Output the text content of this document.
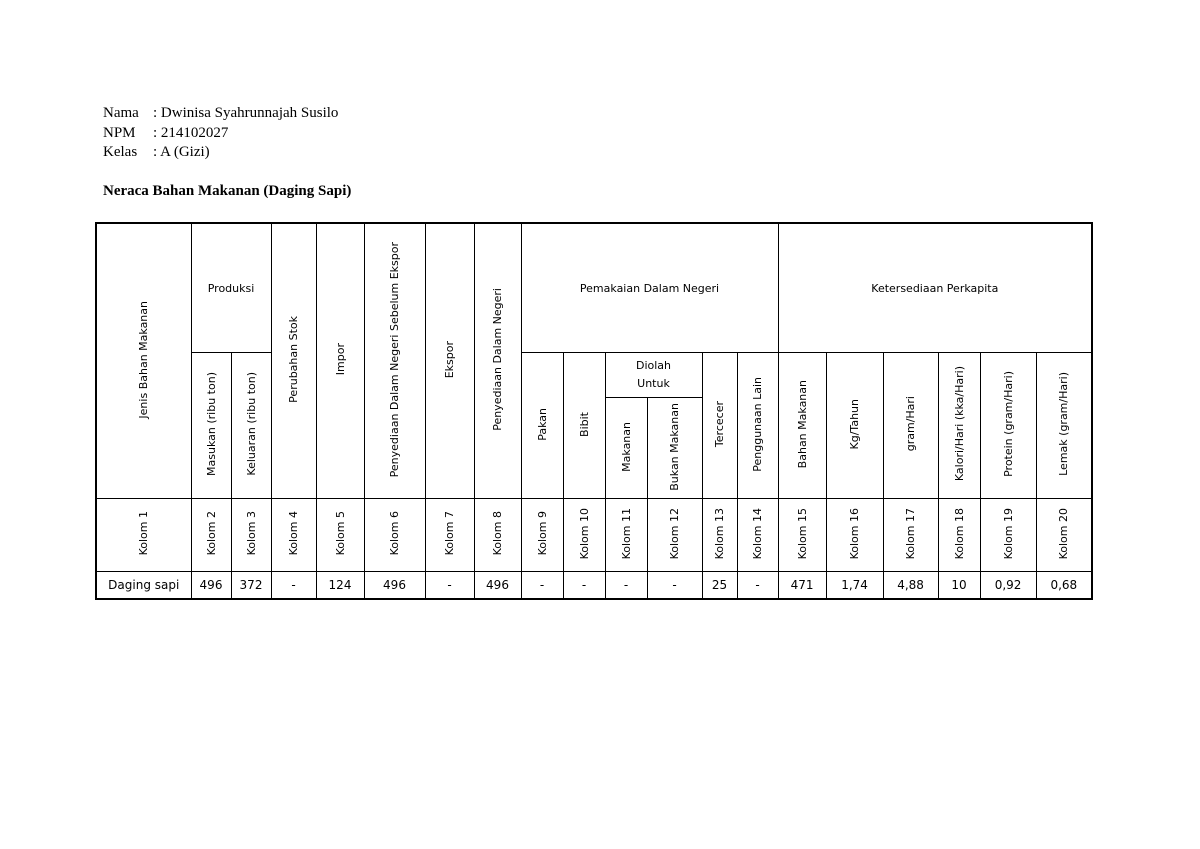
Nama : Dwinisa Syahrunnajah Susilo
NPM	: 214102027
Kelas	: A (Gizi)
Neraca Bahan Makanan (Daging Sapi)
Jenis Bahan Makanan	Produksi		Perubahan Stok	Impor	Penyediaan Dalam Negeri Sebelum Ekspor	Ekspor	Penyediaan Dalam Negeri	Pemakaian Dalam Negeri						Ketersediaan Perkapita					
	Masukan (ribu ton)	Keluaran (ribu ton)						Pakan	Bibit	Diolah Untuk		Tercecer	Penggunaan Lain	Bahan Makanan	Kg/Tahun	gram/Hari	Kalori/Hari (kka/Hari)	Protein (gram/Hari)	Lemak (gram/Hari)
										Makanan	Bukan Makanan								
Kolom 1	Kolom 2	Kolom 3	Kolom 4	Kolom 5	Kolom 6	Kolom 7	Kolom 8	Kolom 9	Kolom 10	Kolom 11	Kolom 12	Kolom 13	Kolom 14	Kolom 15	Kolom 16	Kolom 17	Kolom 18	Kolom 19	Kolom 20
Daging sapi	496	372	-	124	496	-	496	-	-	-	-	25	-	471	1,74	4,88	10	0,92	0,68
